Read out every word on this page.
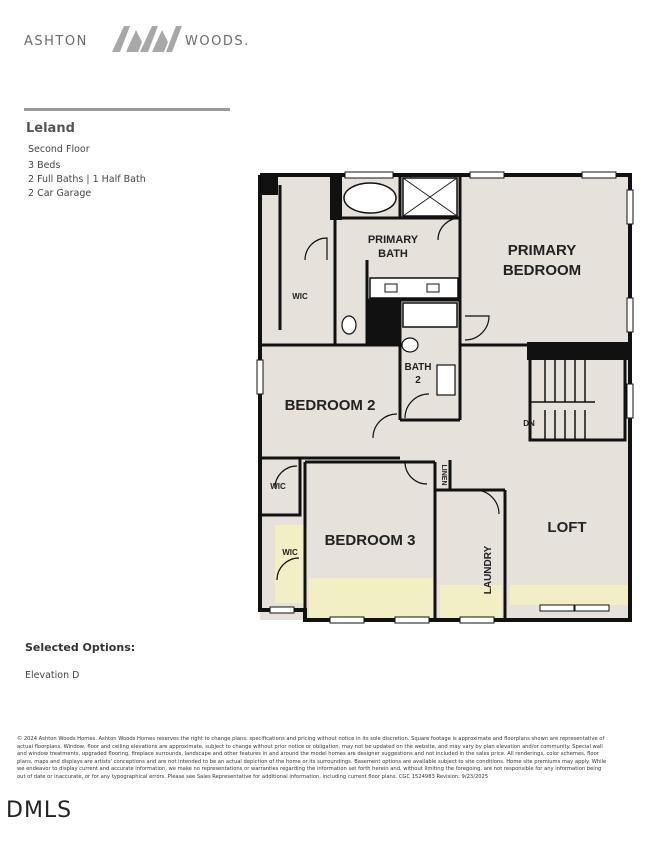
ASHTON	WOODS.
Leland
Second Floor
3 Beds
2 Full Baths | 1 Half Bath
2 Car Garage
PRIMARY
BATH	PRIMARY
BEDROOM
WIC
BATH
2
BEDROOM 2
DN
WIC
LINEN
WIC
BEDROOM 3
LOFT
LAUNDRY
Selected Options:
Elevation D
© 2024 Ashton Woods Homes. Ashton Woods Homes reserves the right to change plans, specifications and pricing without notice in its sole discretion. Square footage is approximate and floorplans shown are representative of actual floorplans. Window, floor and ceiling elevations are approximate, subject to change without prior notice or obligation, may not be updated on the website, and may vary by plan elevation and/or community. Special wall and window treatments, upgraded flooring, fireplace surrounds, landscape and other features in and around the model homes are designer suggestions and not included in the sales price. All renderings, color schemes, floor plans, maps and displays are artists' conceptions and are not intended to be an actual depiction of the home or its surroundings. Basement options are available subject to site conditions. Home site premiums may apply. While we endeavor to display current and accurate information, we make no representations or warranties regarding the information set forth herein and, without limiting the foregoing, are not responsible for any information being out of date or inaccurate, or for any typographical errors. Please see Sales Representative for additional information, including current floor plans. CGC 1524983 Revision: 9/23/2025
DMLS
